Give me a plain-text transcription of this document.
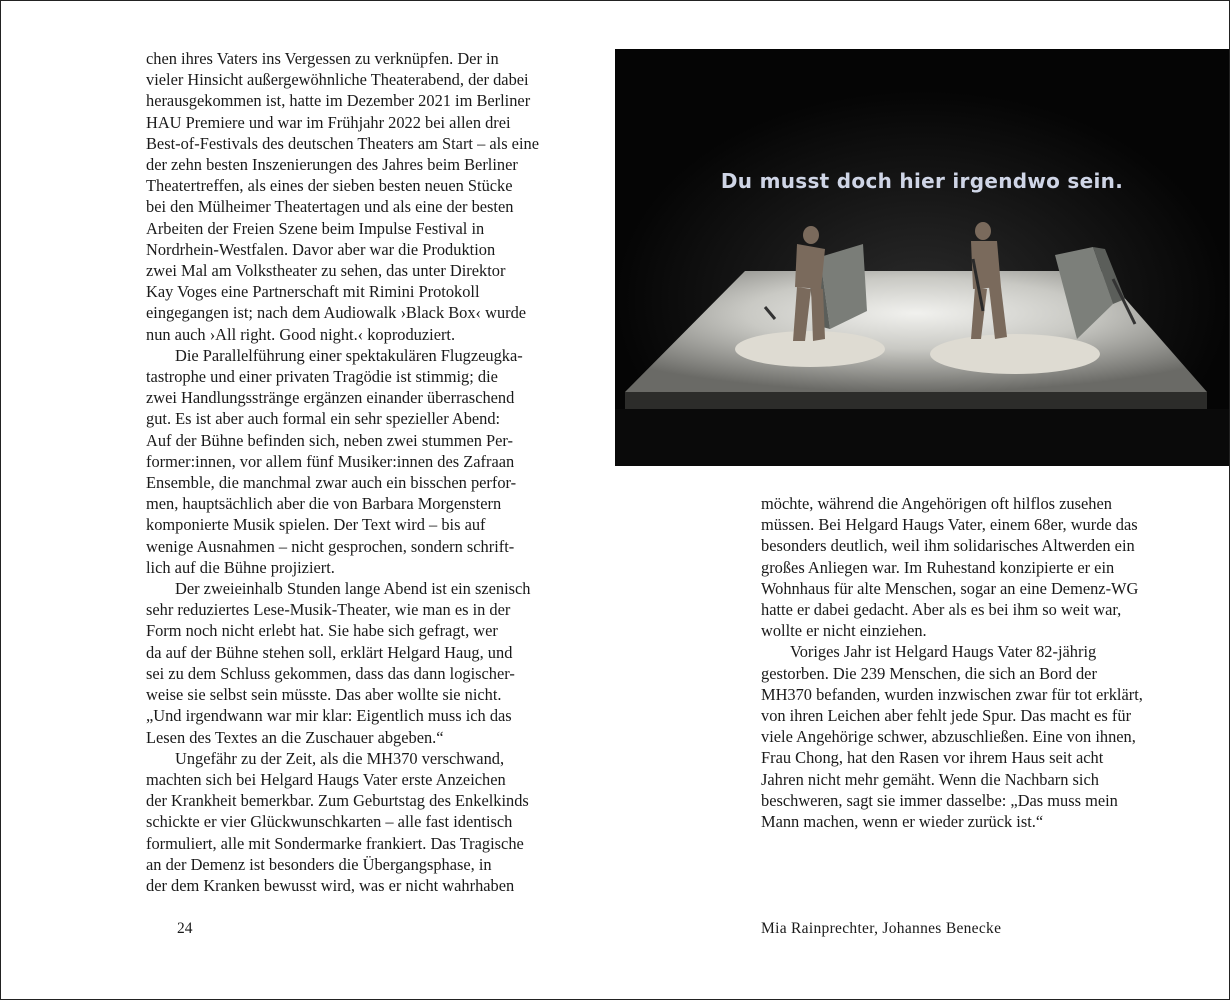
chen ihres Vaters ins Vergessen zu verknüpfen. Der in
vieler Hinsicht außergewöhnliche Theaterabend, der dabei
herausgekommen ist, hatte im Dezember 2021 im Berliner
HAU Premiere und war im Frühjahr 2022 bei allen drei
Best-of-Festivals des deutschen Theaters am Start – als eine
der zehn besten Inszenierungen des Jahres beim Berliner
Theatertreffen, als eines der sieben besten neuen Stücke
bei den Mülheimer Theatertagen und als eine der besten
Arbeiten der Freien Szene beim Impulse Festival in
Nordrhein-Westfalen. Davor aber war die Produktion
zwei Mal am Volkstheater zu sehen, das unter Direktor
Kay Voges eine Partnerschaft mit Rimini Protokoll
eingegangen ist; nach dem Audiowalk ›Black Box‹ wurde
nun auch ›All right. Good night.‹ koproduziert.

Die Parallelführung einer spektakulären Flugzeugka-
tastrophe und einer privaten Tragödie ist stimmig; die
zwei Handlungsstränge ergänzen einander überraschend
gut. Es ist aber auch formal ein sehr spezieller Abend:
Auf der Bühne befinden sich, neben zwei stummen Per-
former:innen, vor allem fünf Musiker:innen des Zafraan
Ensemble, die manchmal zwar auch ein bisschen perfor-
men, hauptsächlich aber die von Barbara Morgenstern
komponierte Musik spielen. Der Text wird – bis auf
wenige Ausnahmen – nicht gesprochen, sondern schrift-
lich auf die Bühne projiziert.

Der zweieinhalb Stunden lange Abend ist ein szenisch
sehr reduziertes Lese-Musik-Theater, wie man es in der
Form noch nicht erlebt hat. Sie habe sich gefragt, wer
da auf der Bühne stehen soll, erklärt Helgard Haug, und
sei zu dem Schluss gekommen, dass das dann logischer-
weise sie selbst sein müsste. Das aber wollte sie nicht.
„Und irgendwann war mir klar: Eigentlich muss ich das
Lesen des Textes an die Zuschauer abgeben.“

Ungefähr zu der Zeit, als die MH370 verschwand,
machten sich bei Helgard Haugs Vater erste Anzeichen
der Krankheit bemerkbar. Zum Geburtstag des Enkelkinds
schickte er vier Glückwunschkarten – alle fast identisch
formuliert, alle mit Sondermarke frankiert. Das Tragische
an der Demenz ist besonders die Übergangsphase, in
der dem Kranken bewusst wird, was er nicht wahrhaben

Du musst doch hier irgendwo sein.

möchte, während die Angehörigen oft hilflos zusehen
müssen. Bei Helgard Haugs Vater, einem 68er, wurde das
besonders deutlich, weil ihm solidarisches Altwerden ein
großes Anliegen war. Im Ruhestand konzipierte er ein
Wohnhaus für alte Menschen, sogar an eine Demenz-WG
hatte er dabei gedacht. Aber als es bei ihm so weit war,
wollte er nicht einziehen.

Voriges Jahr ist Helgard Haugs Vater 82-jährig
gestorben. Die 239 Menschen, die sich an Bord der
MH370 befanden, wurden inzwischen zwar für tot erklärt,
von ihren Leichen aber fehlt jede Spur. Das macht es für
viele Angehörige schwer, abzuschließen. Eine von ihnen,
Frau Chong, hat den Rasen vor ihrem Haus seit acht
Jahren nicht mehr gemäht. Wenn die Nachbarn sich
beschweren, sagt sie immer dasselbe: „Das muss mein
Mann machen, wenn er wieder zurück ist.“

24	Mia Rainprechter, Johannes Benecke
